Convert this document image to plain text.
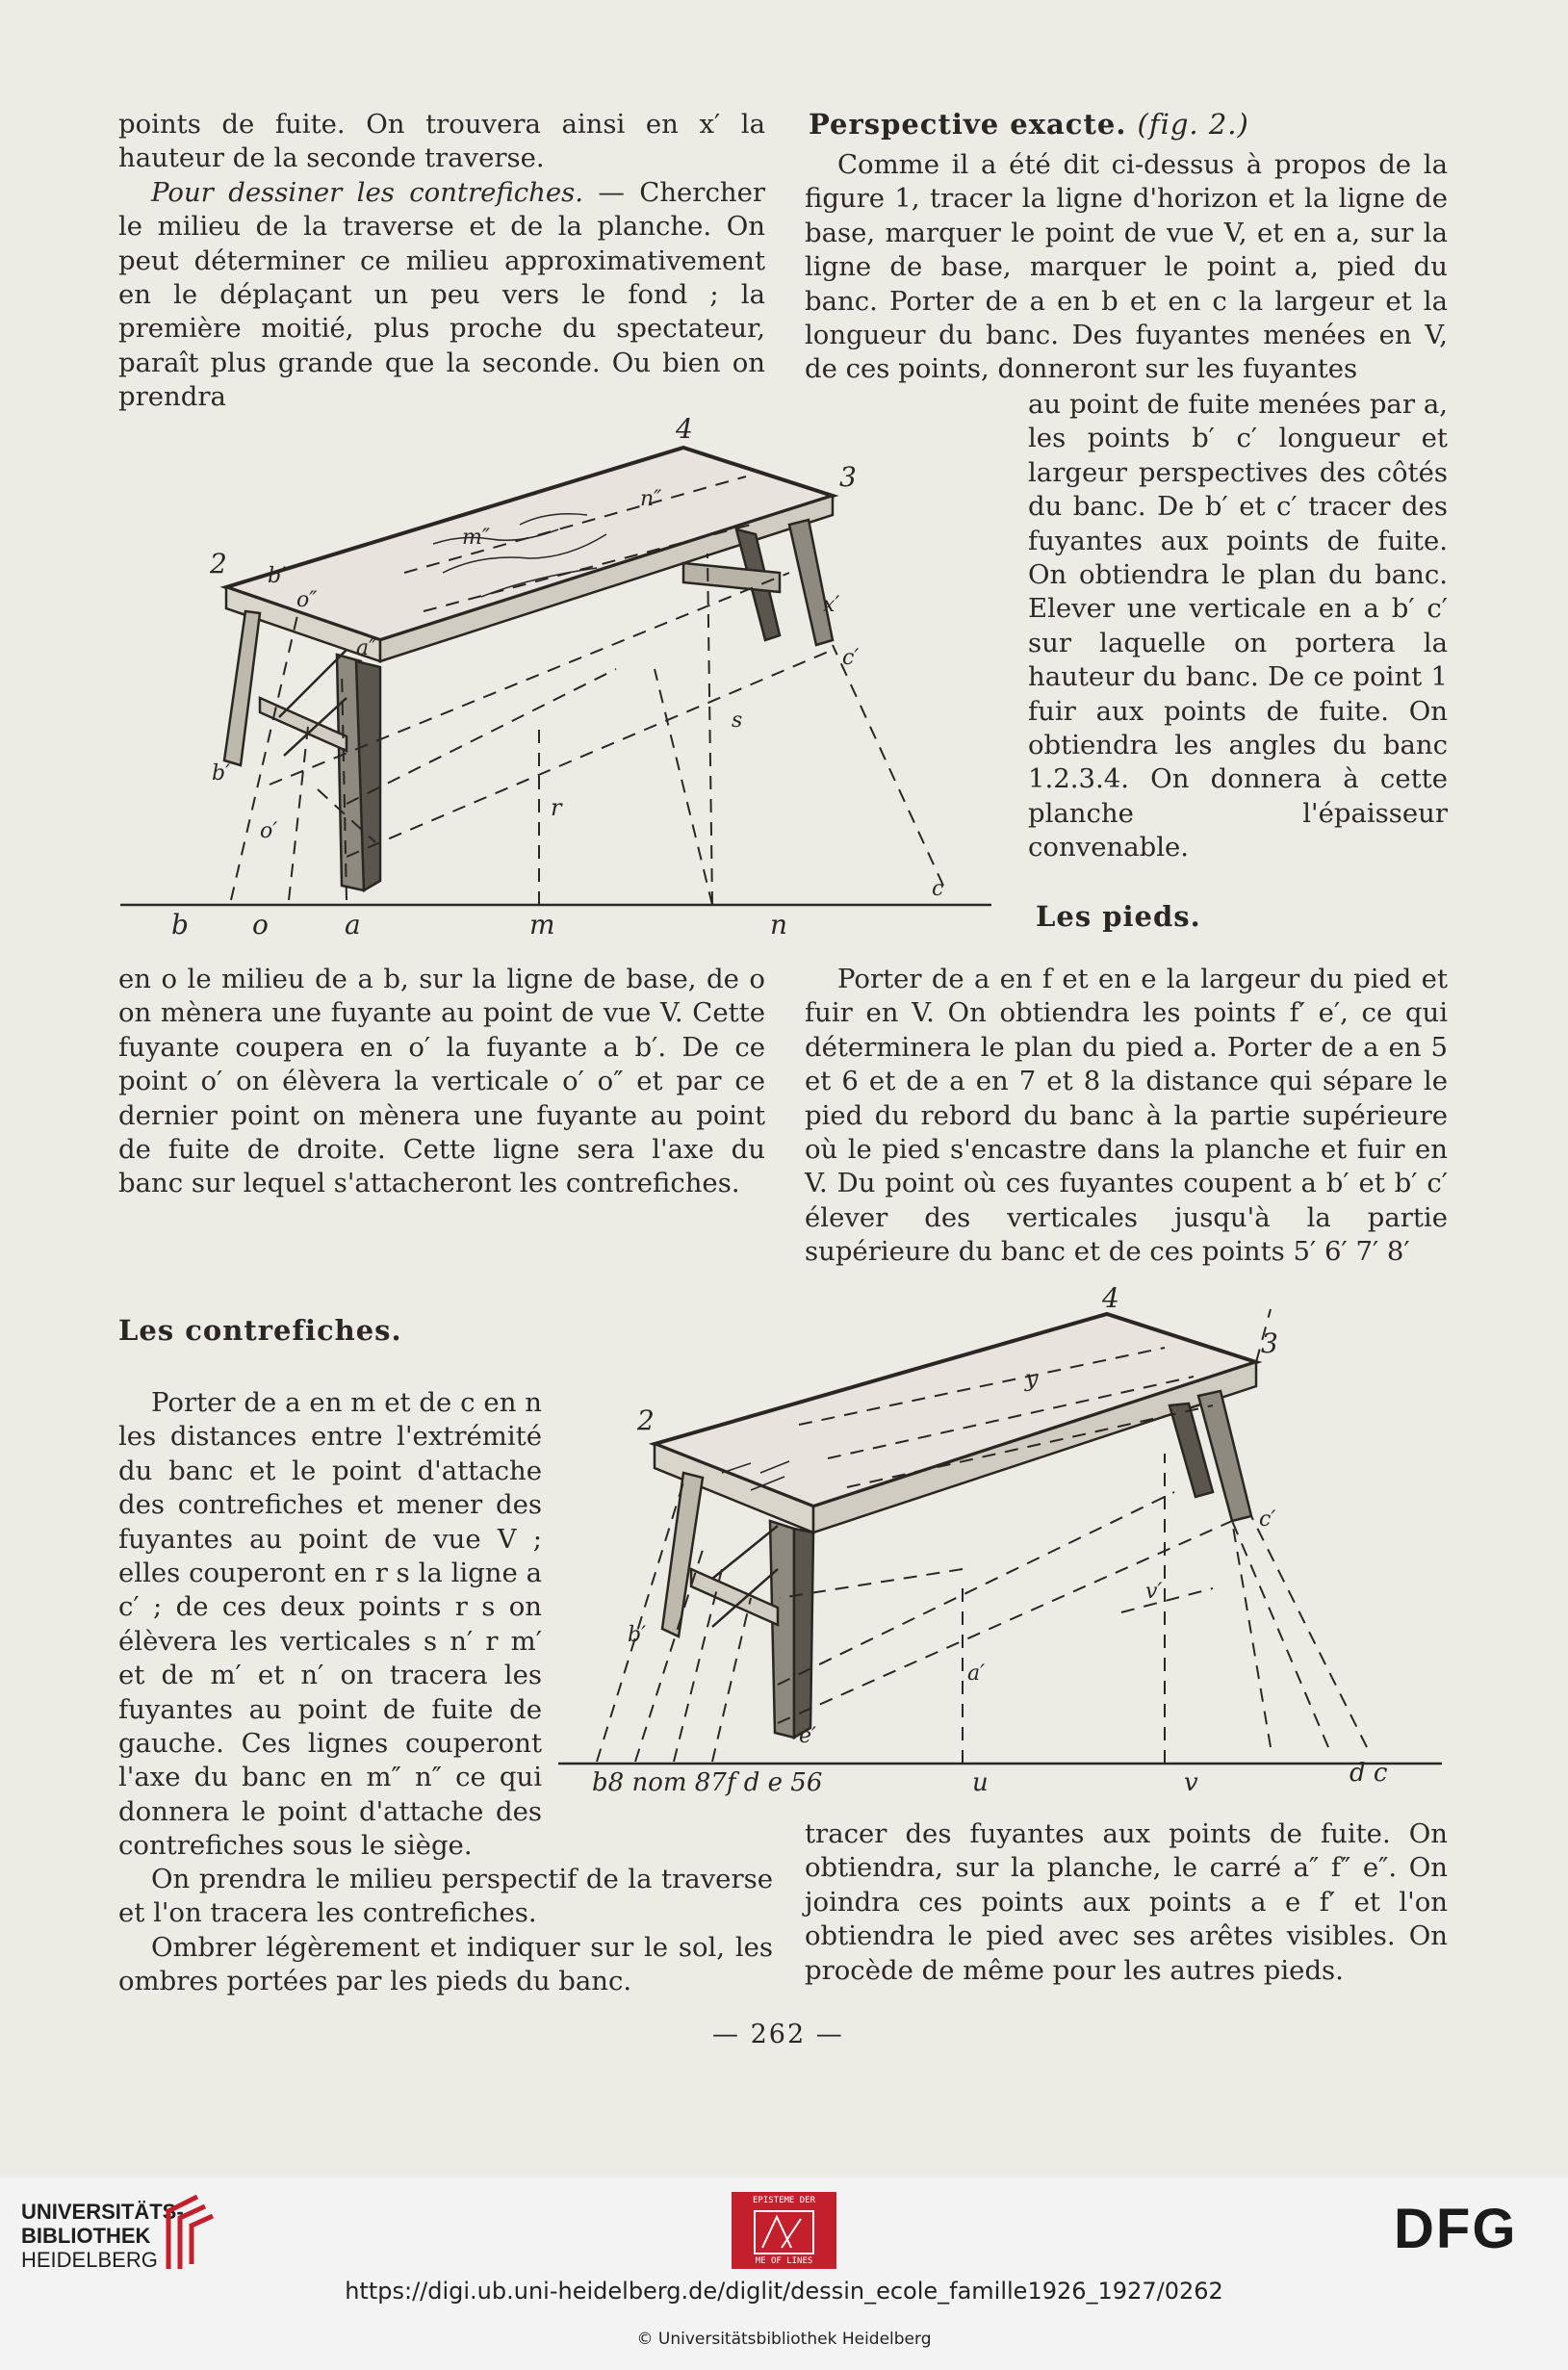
points de fuite. On trouvera ainsi en x′ la hauteur de la seconde traverse.

Pour dessiner les contrefiches. — Chercher le milieu de la traverse et de la planche. On peut déterminer ce milieu approximativement en le déplaçant un peu vers le fond ; la première moitié, plus proche du spectateur, paraît plus grande que la seconde. Ou bien on prendra

Perspective exacte. (fig. 2.)

Comme il a été dit ci-dessus à propos de la figure 1, tracer la ligne d'horizon et la ligne de base, marquer le point de vue V, et en a, sur la ligne de base, marquer le point a, pied du banc. Porter de a en b et en c la largeur et la longueur du banc. Des fuyantes menées en V, de ces points, donneront sur les fuyantes

au point de fuite menées par a, les points b′ c′ longueur et largeur perspectives des côtés du banc. De b′ et c′ tracer des fuyantes aux points de fuite. On obtiendra le plan du banc. Elever une verticale en a b′ c′ sur laquelle on portera la hauteur du banc. De ce point 1 fuir aux points de fuite. On obtiendra les angles du banc 1.2.3.4. On donnera à cette planche l'épaisseur convenable.

Les pieds.
4
3
2
n″
m″
b″
o″
a″
x′
c′
s
b′
r
o′
b o	a	m	n
c

en o le milieu de a b, sur la ligne de base, de o on mènera une fuyante au point de vue V. Cette fuyante coupera en o′ la fuyante a b′. De ce point o′ on élèvera la verticale o′ o″ et par ce dernier point on mènera une fuyante au point de fuite de droite. Cette ligne sera l'axe du banc sur lequel s'attacheront les contrefiches.

Porter de a en f et en e la largeur du pied et fuir en V. On obtiendra les points f′ e′, ce qui déterminera le plan du pied a. Porter de a en 5 et 6 et de a en 7 et 8 la distance qui sépare le pied du rebord du banc à la partie supérieure où le pied s'encastre dans la planche et fuir en V. Du point où ces fuyantes coupent a b′ et b′ c′ élever des verticales jusqu'à la partie supérieure du banc et de ces points 5′ 6′ 7′ 8′

Les contrefiches.

Porter de a en m et de c en n les distances entre l'extrémité du banc et le point d'attache des contrefiches et mener des fuyantes au point de vue V ; elles couperont en r s la ligne a c′ ; de ces deux points r s on élèvera les verticales s n′ r m′ et de m′ et n′ on tracera les fuyantes au point de fuite de gauche. Ces lignes couperont l'axe du banc en m″ n″ ce qui donnera le point d'attache des contrefiches sous le siège.

On prendra le milieu perspectif de la traverse et l'on tracera les contrefiches.

Ombrer légèrement et indiquer sur le sol, les ombres portées par les pieds du banc.

4
3
2
y
c′
v′
a′
b′
e′
b8 nom 87f d e 56	u	v	d c

tracer des fuyantes aux points de fuite. On obtiendra, sur la planche, le carré a″ f″ e″. On joindra ces points aux points a e f′ et l'on obtiendra le pied avec ses arêtes visibles. On procède de même pour les autres pieds.

— 262 —
UNIVERSITÄTS-
BIBLIOTHEK
HEIDELBERG
EPISTEME DER
ME OF LINES
DFG
https://digi.ub.uni-heidelberg.de/diglit/dessin_ecole_famille1926_1927/0262
© Universitätsbibliothek Heidelberg
